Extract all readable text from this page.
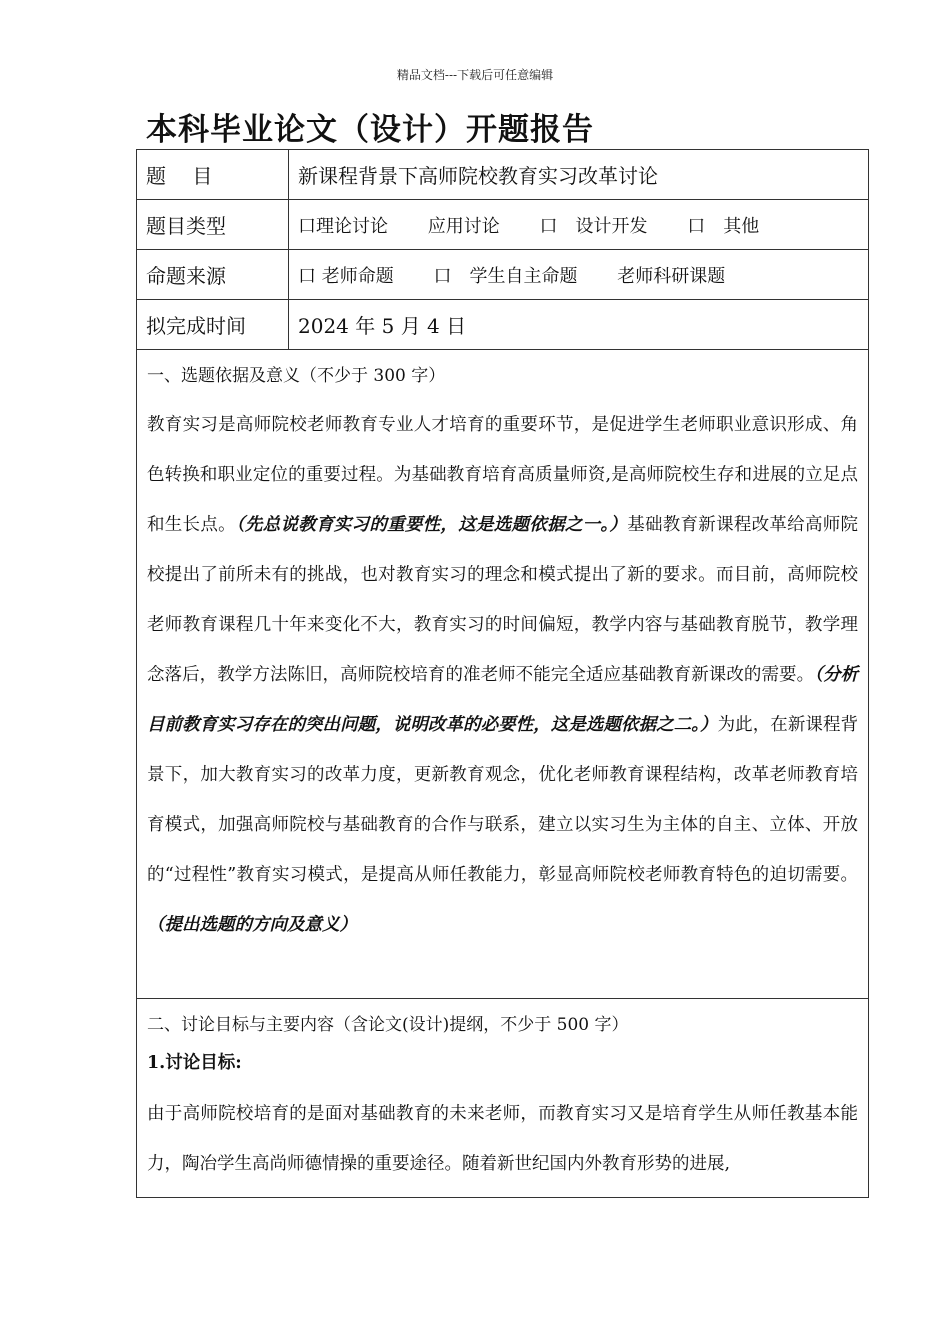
精品文档---下载后可任意编辑
本科毕业论文（设计）开题报告
题　 目	新课程背景下高师院校教育实习改革讨论
题目类型	口理论讨论 应用讨论 口　设计开发 口　其他
命题来源	口 老师命题 口　学生自主命题 老师科研课题
拟完成时间	2024 年 5 月 4 日

一、选题依据及意义（不少于 300 字）

教育实习是高师院校老师教育专业人才培育的重要环节，是促进学生老师职业意识形成、角色转换和职业定位的重要过程。为基础教育培育高质量师资,是高师院校生存和进展的立足点和生长点。（先总说教育实习的重要性，这是选题依据之一。）基础教育新课程改革给高师院校提出了前所未有的挑战，也对教育实习的理念和模式提出了新的要求。而目前，高师院校老师教育课程几十年来变化不大，教育实习的时间偏短，教学内容与基础教育脱节，教学理念落后，教学方法陈旧，高师院校培育的准老师不能完全适应基础教育新课改的需要。（分析目前教育实习存在的突出问题，说明改革的必要性，这是选题依据之二。）为此，在新课程背景下，加大教育实习的改革力度，更新教育观念，优化老师教育课程结构，改革老师教育培育模式，加强高师院校与基础教育的合作与联系，建立以实习生为主体的自主、立体、开放的“过程性”教育实习模式，是提高从师任教能力，彰显高师院校老师教育特色的迫切需要。（提出选题的方向及意义）	

二、讨论目标与主要内容（含论文(设计)提纲，不少于 500 字）
1.讨论目标:

由于高师院校培育的是面对基础教育的未来老师，而教育实习又是培育学生从师任教基本能力，陶冶学生高尚师德情操的重要途径。随着新世纪国内外教育形势的进展,	
